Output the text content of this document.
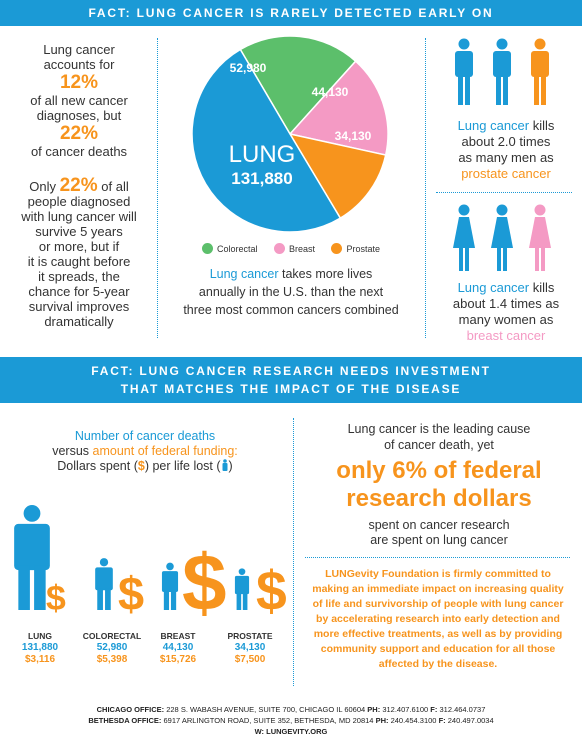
FACT: LUNG CANCER IS RARELY DETECTED EARLY ON
Lung cancer
accounts for
12%
of all new cancer
diagnoses, but
22%
of cancer deaths
Only 22% of all
people diagnosed
with lung cancer will
survive 5 years
or more, but if
it is caught before
it spreads, the
chance for 5-year
survival improves
dramatically
LUNG
131,880
52,980
44,130
34,130
Colorectal
	Breast
	Prostate
Lung cancer takes more lives
annually in the U.S. than the next
three most common cancers combined
Lung cancer kills
about 2.0 times
as many men as
prostate cancer
Lung cancer kills
about 1.4 times as
many women as
breast cancer
FACT: LUNG CANCER RESEARCH NEEDS INVESTMENT
THAT MATCHES THE IMPACT OF THE DISEASE
Number of cancer deaths
versus amount of federal funding:
Dollars spent ($) per life lost ( )
$ $ $ $
LUNG
131,880
$3,116
COLORECTAL
52,980
$5,398
BREAST
44,130
$15,726
PROSTATE
34,130
$7,500
Lung cancer is the leading cause
of cancer death, yet
only 6% of federal
research dollars
spent on cancer research
are spent on lung cancer
LUNGevity Foundation is firmly committed to making an immediate impact on increasing quality of life and survivorship of people with lung cancer by accelerating research into early detection and more effective treatments, as well as by providing community support and education for all those affected by the disease.
CHICAGO OFFICE: 228 S. WABASH AVENUE, SUITE 700, CHICAGO IL 60604 PH: 312.407.6100 F: 312.464.0737
BETHESDA OFFICE: 6917 ARLINGTON ROAD, SUITE 352, BETHESDA, MD 20814 PH: 240.454.3100 F: 240.497.0034
W: LUNGEVITY.ORG
